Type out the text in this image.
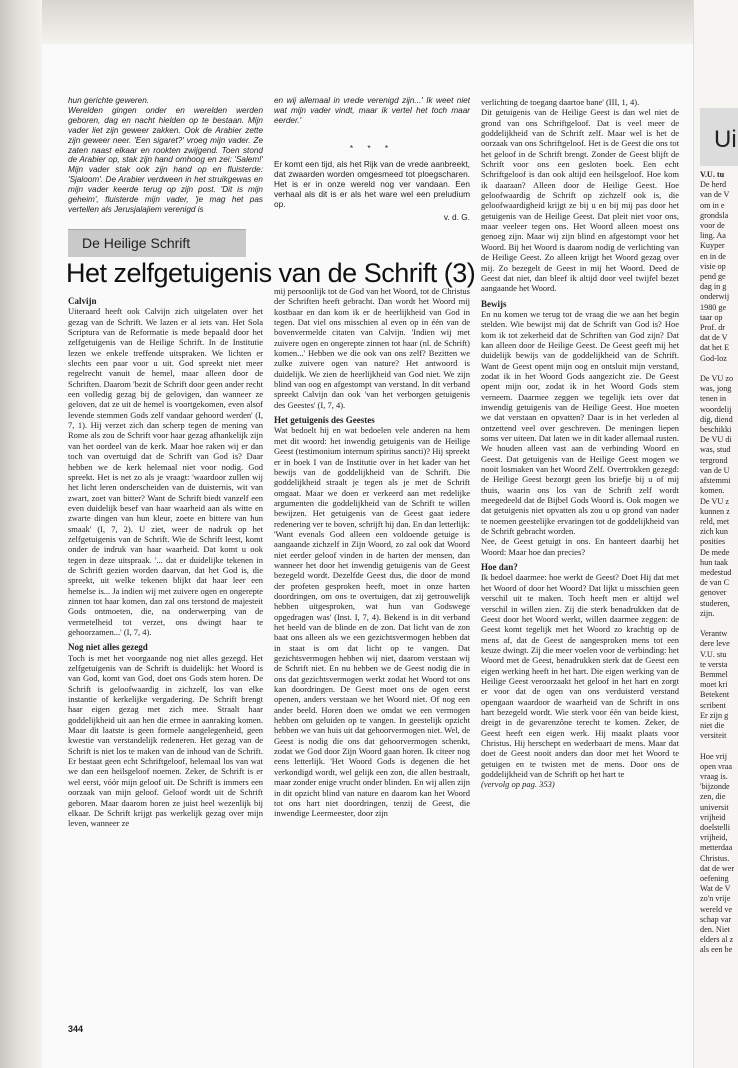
hun gerichte geweren.

Werelden gingen onder en werelden werden geboren, dag en nacht hielden op te bestaan. Mijn vader liet zijn geweer zakken. Ook de Arabier zette zijn geweer neer. 'Een sigaret?' vroeg mijn vader. Ze zaten naast elkaar en rookten zwijgend. Toen stond de Arabier op, stak zijn hand omhoog en zei: 'Salem!' Mijn vader stak ook zijn hand op en fluisterde: 'Sjaloom'. De Arabier verdween in het struikgewas en mijn vader keerde terug op zijn post. 'Dit is mijn geheim', fluisterde mijn vader, 'je mag het pas vertellen als Jerusjalajiem verenigd is

en wij allemaal in vrede verenigd zijn...' Ik weet niet wat mijn vader vindt, maar ik vertel het toch maar eerder.'

* * *

Er komt een tijd, als het Rijk van de vrede aanbreekt, dat zwaarden worden omgesmeed tot ploegscharen. Het is er in onze wereld nog ver vandaan. Een verhaal als dit is er als het ware wel een preludium op.

v. d. G.
De Heilige Schrift
Het zelfgetuigenis van de Schrift (3)
Calvijn

Uiteraard heeft ook Calvijn zich uitgelaten over het gezag van de Schrift. We lazen er al iets van. Het Sola Scriptura van de Reformatie is mede bepaald door het zelfgetuigenis van de Heilige Schrift. In de Institutie lezen we enkele treffende uitspraken. We lichten er slechts een paar voor u uit. God spreekt niet meer regelrecht vanuit de hemel, maar alleen door de Schriften. Daarom 'bezit de Schrift door geen ander recht een volledig gezag bij de gelovigen, dan wanneer ze geloven, dat ze uit de hemel is voortgekomen, even alsof levende stemmen Gods zelf vandaar gehoord werden' (I, 7, 1). Hij verzet zich dan scherp tegen de mening van Rome als zou de Schrift voor haar gezag afhankelijk zijn van het oordeel van de kerk. Maar hoe raken wij er dan toch van overtuigd dat de Schrift van God is? Daar hebben we de kerk helemaal niet voor nodig. God spreekt. Het is net zo als je vraagt: 'waardoor zullen wij het licht leren onderscheiden van de duisternis, wit van zwart, zoet van bitter? Want de Schrift biedt vanzelf een even duidelijk besef van haar waarheid aan als witte en zwarte dingen van hun kleur, zoete en bittere van hun smaak' (I, 7, 2). U ziet, weer de nadruk op het zelfgetuigenis van de Schrift. Wie de Schrift leest, komt onder de indruk van haar waarheid. Dat komt u ook tegen in deze uitspraak. '... dat er duidelijke tekenen in de Schrift gezien worden daarvan, dat het God is, die spreekt, uit welke tekenen blijkt dat haar leer een hemelse is... Ja indien wij met zuivere ogen en ongerepte zinnen tot haar komen, dan zal ons terstond de majesteit Gods ontmoeten, die, na onderwerping van de vermetelheid tot verzet, ons dwingt haar te gehoorzamen...' (I, 7, 4).

Nog niet alles gezegd

Toch is met het voorgaande nog niet alles gezegd. Het zelfgetuigenis van de Schrift is duidelijk: het Woord is van God, komt van God, doet ons Gods stem horen. De Schrift is geloofwaardig in zichzelf, los van elke instantie of kerkelijke vergadering. De Schrift brengt haar eigen gezag met zich mee. Straalt haar goddelijkheid uit aan hen die ermee in aanraking komen. Maar dit laatste is geen formele aangelegenheid, geen kwestie van verstandelijk redeneren. Het gezag van de Schrift is niet los te maken van de inhoud van de Schrift. Er bestaat geen echt Schriftgeloof, helemaal los van wat we dan een heilsgeloof noemen. Zeker, de Schrift is er wel eerst, vóór mijn geloof uit. De Schrift is immers een oorzaak van mijn geloof. Geloof wordt uit de Schrift geboren. Maar daarom horen ze juist heel wezenlijk bij elkaar. De Schrift krijgt pas werkelijk gezag over mijn leven, wanneer ze

mij persoonlijk tot de God van het Woord, tot de Christus der Schriften heeft gebracht. Dan wordt het Woord mij kostbaar en dan kom ik er de heerlijkheid van God in tegen. Dat viel ons misschien al even op in één van de bovenvermelde citaten van Calvijn. 'Indien wij met zuivere ogen en ongerepte zinnen tot haar (nl. de Schrift) komen...' Hebben we die ook van ons zelf? Bezitten we zulke zuivere ogen van nature? Het antwoord is duidelijk. We zien de heerlijkheid van God niet. We zijn blind van oog en afgestompt van verstand. In dit verband spreekt Calvijn dan ook 'van het verborgen getuigenis des Geestes' (I, 7, 4).

Het getuigenis des Geestes

Wat bedoelt hij en wat bedoelen vele anderen na hem met dit woord: het inwendig getuigenis van de Heilige Geest (testimonium internum spiritus sancti)? Hij spreekt er in boek I van de Institutie over in het kader van het bewijs van de goddelijkheid van de Schrift. Die goddelijkheid straalt je tegen als je met de Schrift omgaat. Maar we doen er verkeerd aan met redelijke argumenten die goddelijkheid van de Schrift te willen bewijzen. Het getuigenis van de Geest gaat iedere redenering ver te boven, schrijft hij dan. En dan letterlijk: 'Want evenals God alleen een voldoende getuige is aangaande zichzelf in Zijn Woord, zo zal ook dat Woord niet eerder geloof vinden in de harten der mensen, dan wanneer het door het inwendig getuigenis van de Geest bezegeld wordt. Dezelfde Geest dus, die door de mond der profeten gesproken heeft, moet in onze harten doordringen, om ons te overtuigen, dat zij getrouwelijk hebben uitgesproken, wat hun van Godswege opgedragen was' (Inst. I, 7, 4). Bekend is in dit verband het beeld van de blinde en de zon. Dat licht van de zon baat ons alleen als we een gezichtsvermogen hebben dat in staat is om dat licht op te vangen. Dat gezichtsvermogen hebben wij niet, daarom verstaan wij de Schrift niet. En nu hebben we de Geest nodig die in ons dat gezichtsvermogen werkt zodat het Woord tot ons kan doordringen. De Geest moet ons de ogen eerst openen, anders verstaan we het Woord niet. Of nog een ander beeld. Horen doen we omdat we een vermogen hebben om geluiden op te vangen. In geestelijk opzicht hebben we van huis uit dat gehoorvermogen niet. Wel, de Geest is nodig die ons dat gehoorvermogen schenkt, zodat we God door Zijn Woord gaan horen. Ik citeer nog eens letterlijk. 'Het Woord Gods is degenen die het verkondigd wordt, wel gelijk een zon, die allen bestraalt, maar zonder enige vrucht onder blinden. En wij allen zijn in dit opzicht blind van nature en daarom kan het Woord tot ons hart niet doordringen, tenzij de Geest, die inwendige Leermeester, door zijn

verlichting de toegang daartoe bane' (III, 1, 4).

Dit getuigenis van de Heilige Geest is dan wel niet de grond van ons Schriftgeloof. Dat is veel meer de goddelijkheid van de Schrift zelf. Maar wel is het de oorzaak van ons Schriftgeloof. Het is de Geest die ons tot het geloof in de Schrift brengt. Zonder de Geest blijft de Schrift voor ons een gesloten boek. Een echt Schriftgeloof is dan ook altijd een heilsgeloof. Hoe kom ik daaraan? Alleen door de Heilige Geest. Hoe geloofwaardig de Schrift op zichzelf ook is, die geloofwaardigheid krijgt ze bij u en bij mij pas door het getuigenis van de Heilige Geest. Dat pleit niet voor ons, maar veeleer tegen ons. Het Woord alleen moest ons genoeg zijn. Maar wij zijn blind en afgestompt voor het Woord. Bij het Woord is daarom nodig de verlichting van de Heilige Geest. Zo alleen krijgt het Woord gezag over mij. Zo bezegelt de Geest in mij het Woord. Deed de Geest dat niet, dan bleef ik altijd door veel twijfel bezet aangaande het Woord.

Bewijs

En nu komen we terug tot de vraag die we aan het begin stelden. Wie bewijst mij dat de Schrift van God is? Hoe kom ik tot zekerheid dat de Schriften van God zijn? Dat kan alleen door de Heilige Geest. De Geest geeft mij het duidelijk bewijs van de goddelijkheid van de Schrift. Want de Geest opent mijn oog en ontsluit mijn verstand, zodat ik in het Woord Gods aangezicht zie. De Geest opent mijn oor, zodat ik in het Woord Gods stem verneem. Daarmee zeggen we tegelijk iets over dat inwendig getuigenis van de Heilige Geest. Hoe moeten we dat verstaan en opvatten? Daar is in het verleden al ontzettend veel over geschreven. De meningen liepen soms ver uiteen. Dat laten we in dit kader allemaal rusten. We houden alleen vast aan de verbinding Woord en Geest. Dat getuigenis van de Heilige Geest mogen we nooit losmaken van het Woord Zelf. Overtrokken gezegd: de Heilige Geest bezorgt geen los briefje bij u of mij thuis, waarin ons los van de Schrift zelf wordt meegedeeld dat de Bijbel Gods Woord is. Ook mogen we dat getuigenis niet opvatten als zou u op grond van nader te noemen geestelijke ervaringen tot de goddelijkheid van de Schrift gebracht worden.

Nee, de Geest getuigt in ons. En hanteert daarbij het Woord: Maar hoe dan precies?

Hoe dan?

Ik bedoel daarmee: hoe werkt de Geest? Doet Hij dat met het Woord of door het Woord? Dat lijkt u misschien geen verschil uit te maken. Toch heeft men er altijd wel verschil in willen zien. Zij die sterk benadrukken dat de Geest door het Woord werkt, willen daarmee zeggen: de Geest komt tegelijk met het Woord zo krachtig op de mens af, dat de Geest de aangesproken mens tot een keuze dwingt. Zij die meer voelen voor de verbinding: het Woord met de Geest, benadrukken sterk dat de Geest een eigen werking heeft in het hart. Die eigen werking van de Heilige Geest veroorzaakt het geloof in het hart en zorgt er voor dat de ogen van ons verduisterd verstand opengaan waardoor de waarheid van de Schrift in ons hart bezegeld wordt. Wie sterk voor één van beide kiest, dreigt in de gevarenzône terecht te komen. Zeker, de Geest heeft een eigen werk. Hij maakt plaats voor Christus. Hij herschept en wederbaart de mens. Maar dat doet de Geest nooit anders dan door met het Woord te getuigen en te twisten met de mens. Door ons de goddelijkheid van de Schrift op het hart te

(vervolg op pag. 353)

344
Ui
V.U. tu
De herd
van de V
om in e
grondsla
voor de
ling. Aa
Kuyper
en in de
visie op
pend ge
dag in g
onderwij
1980 ge
taar op
Prof. dr
dat de V
dat het E
God-loz

De VU zo
was, jong
tenen in
woordelij
dig, diend
beschikki
De VU di
was, stud
tergrond
van de U
afstemmi
komen.
De VU z
kunnen z
reld, met
zich kun
posities
De mede
hun taak
medestud
de van C
genover
studeren,
zijn.

Verantw
dere leve
V.U. stu
te versta
Bemmel
moet kri
Betekent
scribent
Er zijn g
niet die
versiteit

Hoe vrij
open vraa
vraag is.
'bijzonde
zen, die
universit
vrijheid
doelstelli
vrijheid,
metterdaa
Christus.
dat de wer
oefening
Wat de V
zo'n vrije
wereld ve
schap var
den. Niet
elders al z
als een be
